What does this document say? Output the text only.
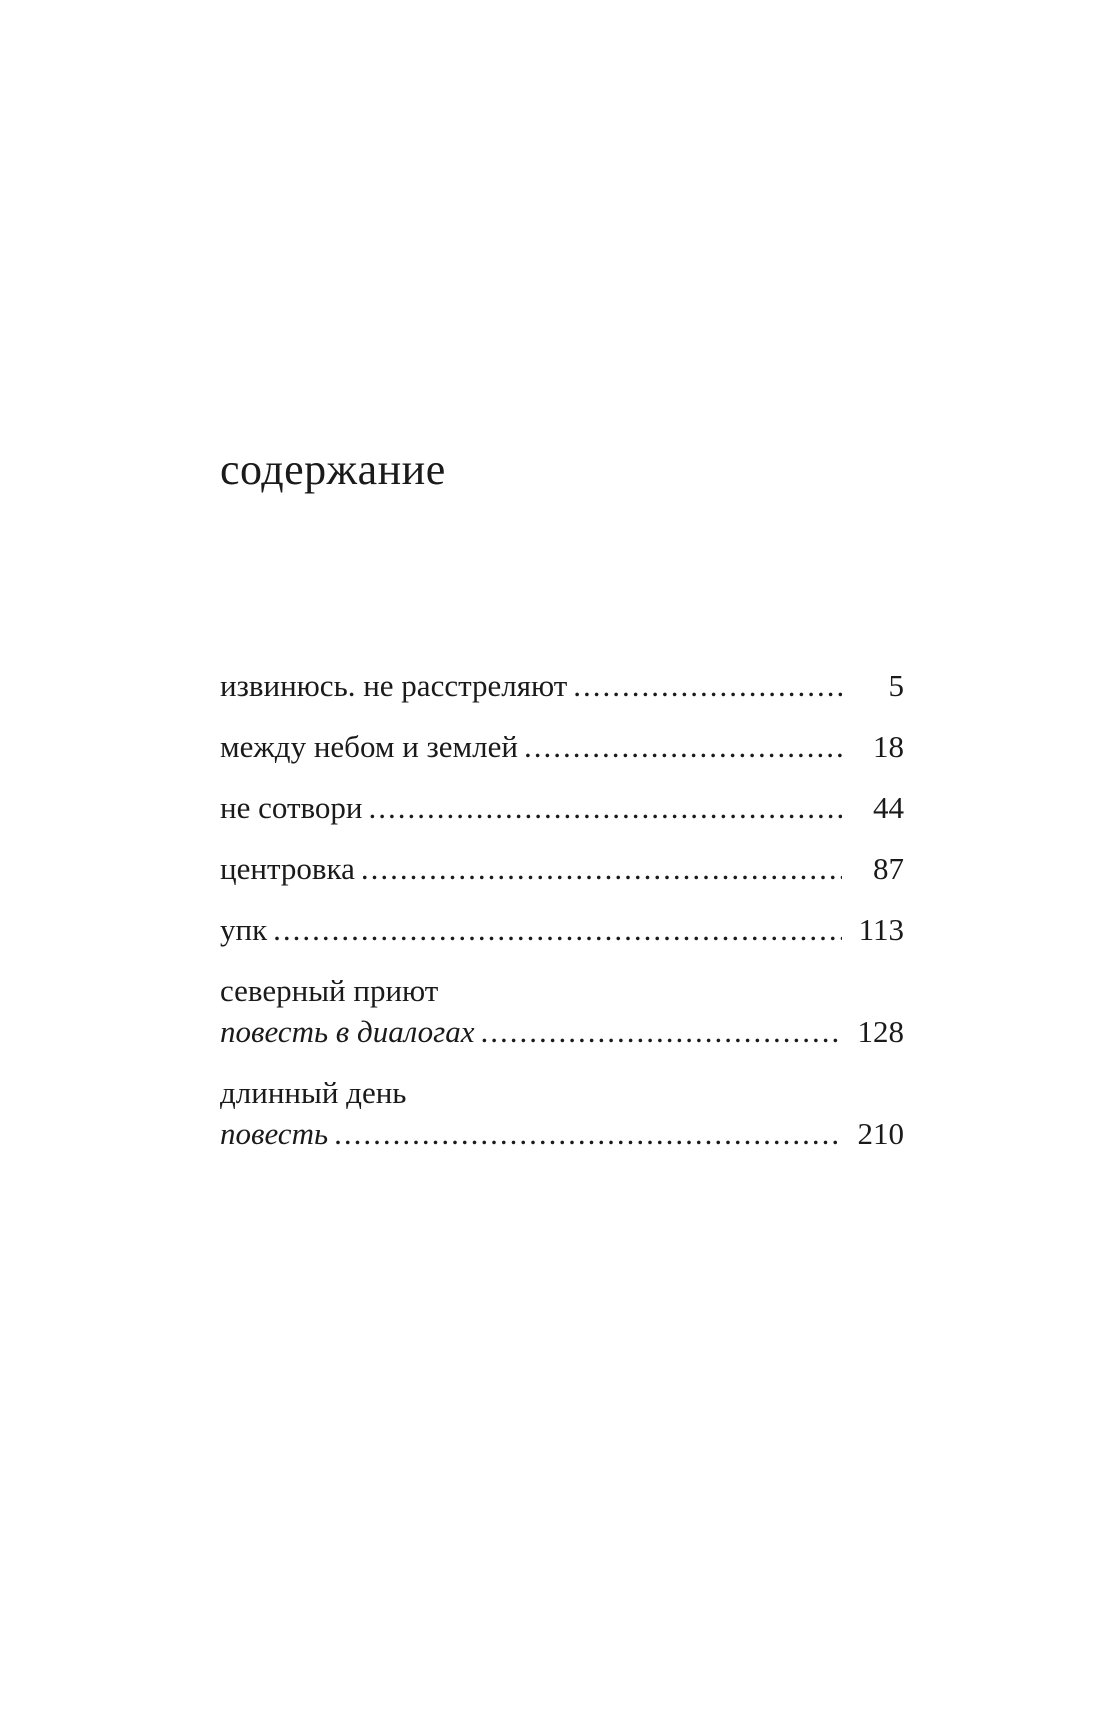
содержание
извинюсь. не расстреляют .....	5
между небом и землей .....	18
не сотвори .....	44
центровка .....	87
упк .....	113
северный приют
повесть в диалогах .....	128
длинный день
повесть .....	210
